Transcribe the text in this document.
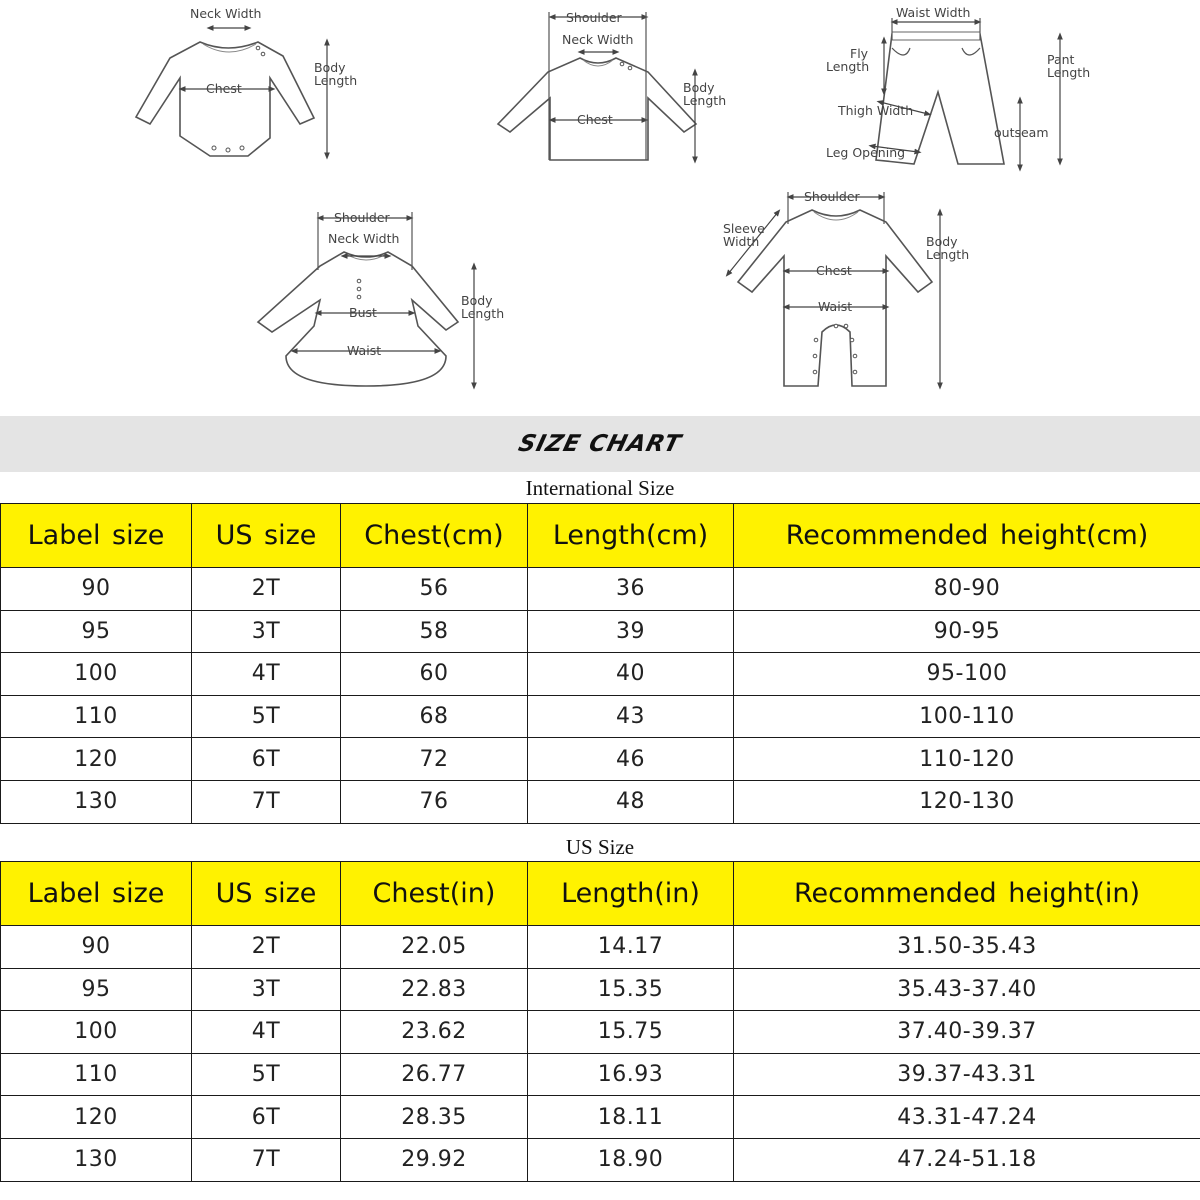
Neck Width
Chest
Body
Length
Shoulder
Neck Width
Chest
Body
Length
Waist Width
Fly
Length	Pant
Length
Thigh Width
outseam
Leg Opening
Shoulder
Neck Width
Bust
Waist
Body
Length
Shoulder
Sleeve
Width
Chest
Waist
Body
Length
SIZE CHART
International Size
Label size	US size	Chest(cm)	Length(cm)	Recommended height(cm)
90	2T	56	36	80-90
95	3T	58	39	90-95
100	4T	60	40	95-100
110	5T	68	43	100-110
120	6T	72	46	110-120
130	7T	76	48	120-130
US Size
Label size	US size	Chest(in)	Length(in)	Recommended height(in)
90	2T	22.05	14.17	31.50-35.43
95	3T	22.83	15.35	35.43-37.40
100	4T	23.62	15.75	37.40-39.37
110	5T	26.77	16.93	39.37-43.31
120	6T	28.35	18.11	43.31-47.24
130	7T	29.92	18.90	47.24-51.18
